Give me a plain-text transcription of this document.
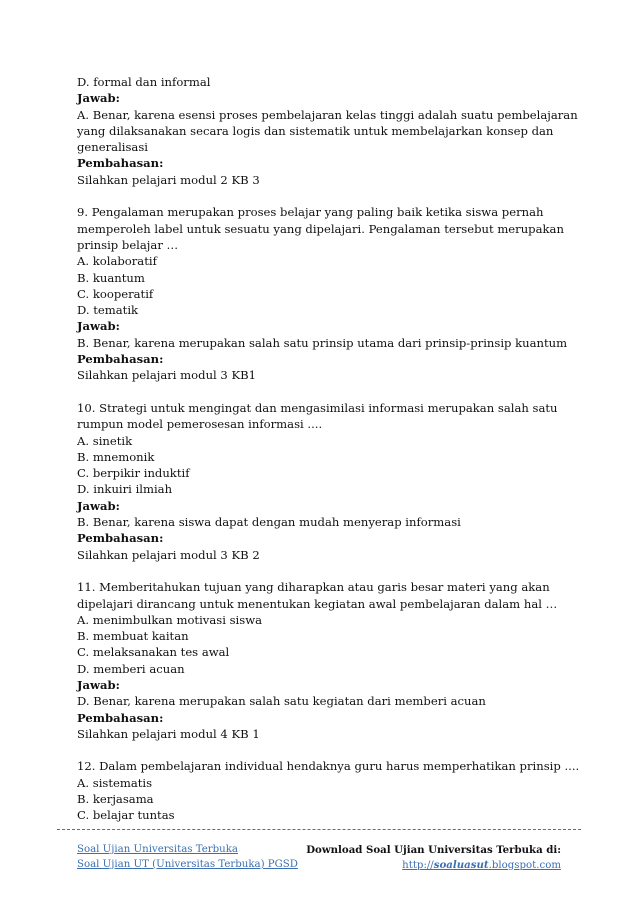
D. formal dan informal
Jawab:
A. Benar, karena esensi proses pembelajaran kelas tinggi adalah suatu pembelajaran
yang dilaksanakan secara logis dan sistematik untuk membelajarkan konsep dan
generalisasi
Pembahasan:
Silahkan pelajari modul 2 KB 3
9. Pengalaman merupakan proses belajar yang paling baik ketika siswa pernah
memperoleh label untuk sesuatu yang dipelajari. Pengalaman tersebut merupakan
prinsip belajar …
A. kolaboratif
B. kuantum
C. kooperatif
D. tematik
Jawab:
B. Benar, karena merupakan salah satu prinsip utama dari prinsip-prinsip kuantum
Pembahasan:
Silahkan pelajari modul 3 KB1
10. Strategi untuk mengingat dan mengasimilasi informasi merupakan salah satu
rumpun model pemerosesan informasi ....
A. sinetik
B. mnemonik
C. berpikir induktif
D. inkuiri ilmiah
Jawab:
B. Benar, karena siswa dapat dengan mudah menyerap informasi
Pembahasan:
Silahkan pelajari modul 3 KB 2
11. Memberitahukan tujuan yang diharapkan atau garis besar materi yang akan
dipelajari dirancang untuk menentukan kegiatan awal pembelajaran dalam hal …
A. menimbulkan motivasi siswa
B. membuat kaitan
C. melaksanakan tes awal
D. memberi acuan
Jawab:
D. Benar, karena merupakan salah satu kegiatan dari memberi acuan
Pembahasan:
Silahkan pelajari modul 4 KB 1
12. Dalam pembelajaran individual hendaknya guru harus memperhatikan prinsip ....
A. sistematis
B. kerjasama
C. belajar tuntas
Soal Ujian Universitas Terbuka
Soal Ujian UT (Universitas Terbuka) PGSD
Download Soal Ujian Universitas Terbuka di:
http://soaluasut.blogspot.com
